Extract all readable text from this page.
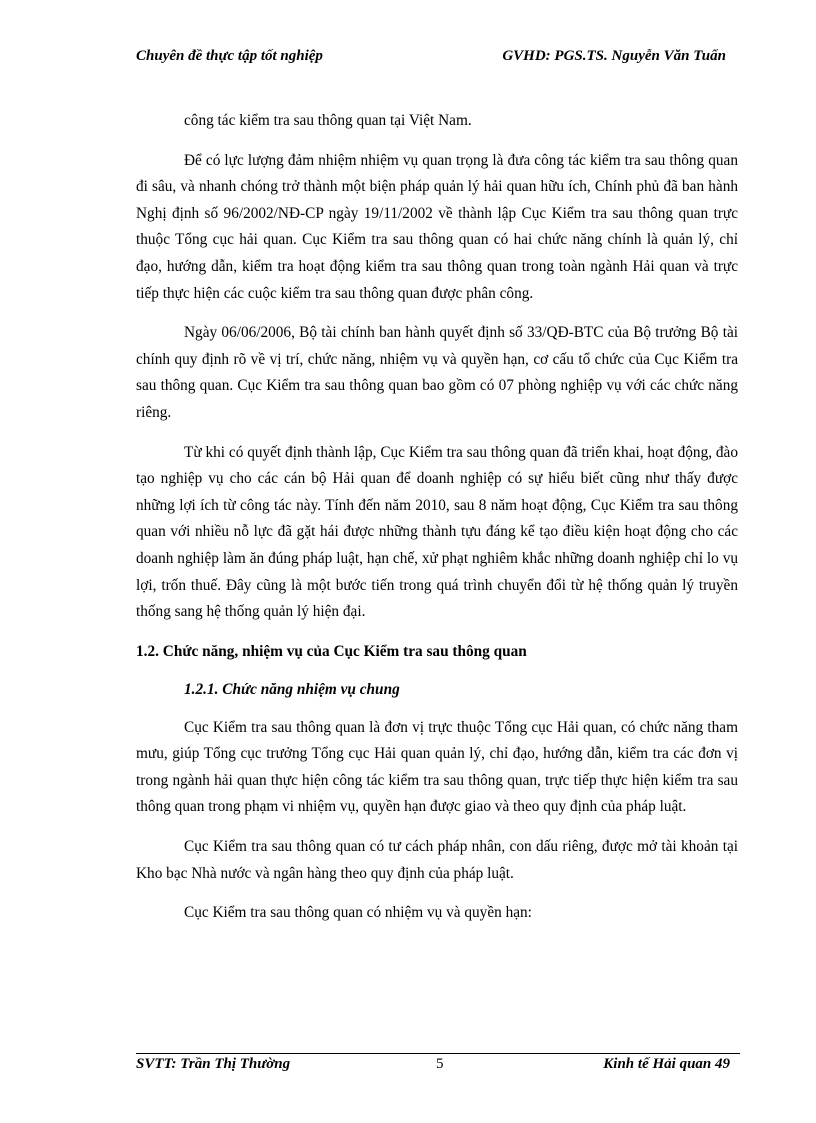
Chuyên đề thực tập tốt nghiệp	GVHD: PGS.TS. Nguyễn Văn Tuấn

công tác kiểm tra sau thông quan tại Việt Nam.

Để có lực lượng đảm nhiệm nhiệm vụ quan trọng là đưa công tác kiểm tra sau thông quan đi sâu, và nhanh chóng trở thành một biện pháp quản lý hải quan hữu ích, Chính phủ đã ban hành Nghị định số 96/2002/NĐ-CP ngày 19/11/2002 về thành lập Cục Kiểm tra sau thông quan trực thuộc Tổng cục hải quan. Cục Kiểm tra sau thông quan có hai chức năng chính là quản lý, chỉ đạo, hướng dẫn, kiểm tra hoạt động kiểm tra sau thông quan trong toàn ngành Hải quan và trực tiếp thực hiện các cuộc kiểm tra sau thông quan được phân công.

Ngày 06/06/2006, Bộ tài chính ban hành quyết định số 33/QĐ-BTC của Bộ trưởng Bộ tài chính quy định rõ về vị trí, chức năng, nhiệm vụ và quyền hạn, cơ cấu tổ chức của Cục Kiểm tra sau thông quan. Cục Kiểm tra sau thông quan bao gồm có 07 phòng nghiệp vụ với các chức năng riêng.

Từ khi có quyết định thành lập, Cục Kiểm tra sau thông quan đã triển khai, hoạt động, đào tạo nghiệp vụ cho các cán bộ Hải quan để doanh nghiệp có sự hiểu biết cũng như thấy được những lợi ích từ công tác này. Tính đến năm 2010, sau 8 năm hoạt động, Cục Kiểm tra sau thông quan với nhiều nỗ lực đã gặt hái được những thành tựu đáng kể tạo điều kiện hoạt động cho các doanh nghiệp làm ăn đúng pháp luật, hạn chế, xử phạt nghiêm khắc những doanh nghiệp chỉ lo vụ lợi, trốn thuế. Đây cũng là một bước tiến trong quá trình chuyển đổi từ hệ thống quản lý truyền thống sang hệ thống quản lý hiện đại.

1.2. Chức năng, nhiệm vụ của Cục Kiểm tra sau thông quan
1.2.1. Chức năng nhiệm vụ chung

Cục Kiểm tra sau thông quan là đơn vị trực thuộc Tổng cục Hải quan, có chức năng tham mưu, giúp Tổng cục trưởng Tổng cục Hải quan quản lý, chỉ đạo, hướng dẫn, kiểm tra các đơn vị trong ngành hải quan thực hiện công tác kiểm tra sau thông quan, trực tiếp thực hiện kiểm tra sau thông quan trong phạm vi nhiệm vụ, quyền hạn được giao và theo quy định của pháp luật.

Cục Kiểm tra sau thông quan có tư cách pháp nhân, con dấu riêng, được mở tài khoản tại Kho bạc Nhà nước và ngân hàng theo quy định của pháp luật.

Cục Kiểm tra sau thông quan có nhiệm vụ và quyền hạn:

SVTT: Trần Thị Thường	5	Kinh tế Hải quan 49
